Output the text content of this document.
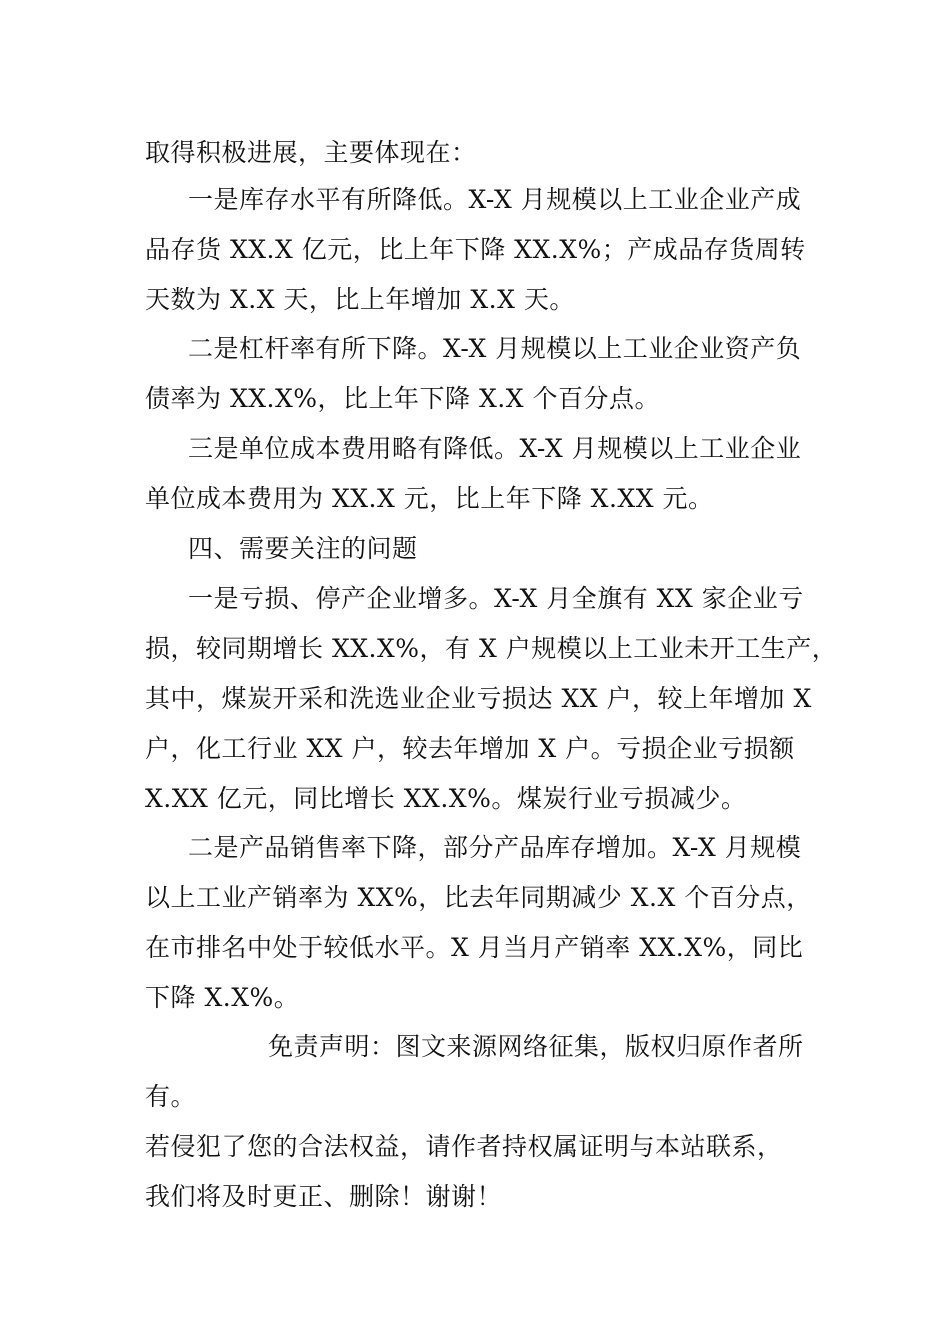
取得积极进展，主要体现在：
一是库存水平有所降低。X-X 月规模以上工业企业产成
品存货 XX.X 亿元，比上年下降 XX.X%；产成品存货周转
天数为 X.X 天，比上年增加 X.X 天。
二是杠杆率有所下降。X-X 月规模以上工业企业资产负
债率为 XX.X%，比上年下降 X.X 个百分点。
三是单位成本费用略有降低。X-X 月规模以上工业企业
单位成本费用为 XX.X 元，比上年下降 X.XX 元。
四、需要关注的问题
一是亏损、停产企业增多。X-X 月全旗有 XX 家企业亏
损，较同期增长 XX.X%，有 X 户规模以上工业未开工生产，
其中，煤炭开采和洗选业企业亏损达 XX 户，较上年增加 X
户，化工行业 XX 户，较去年增加 X 户。亏损企业亏损额
X.XX 亿元，同比增长 XX.X%。煤炭行业亏损减少。
二是产品销售率下降，部分产品库存增加。X-X 月规模
以上工业产销率为 XX%，比去年同期减少 X.X 个百分点，
在市排名中处于较低水平。X 月当月产销率 XX.X%，同比
下降 X.X%。
免责声明：图文来源网络征集，版权归原作者所
有。
若侵犯了您的合法权益，请作者持权属证明与本站联系，
我们将及时更正、删除！谢谢！
